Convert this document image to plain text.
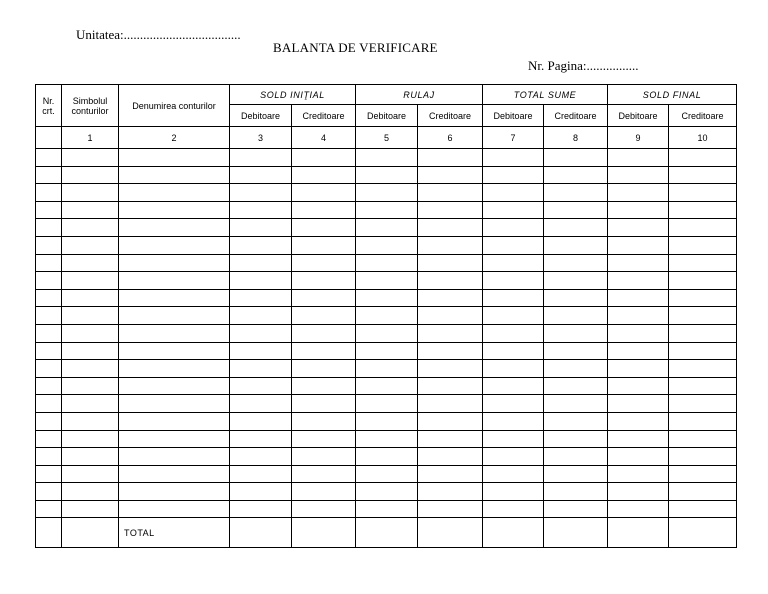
Unitatea:....................................
BALANTA DE VERIFICARE
Nr. Pagina:................
Nr. crt.	Simbolul conturilor	Denumirea conturilor	SOLD INIŢIAL		RULAJ		TOTAL SUME		SOLD FINAL	
			Debitoare	Creditoare	Debitoare	Creditoare	Debitoare	Creditoare	Debitoare	Creditoare
	1	2	3	4	5	6	7	8	9	10

		TOTAL								
